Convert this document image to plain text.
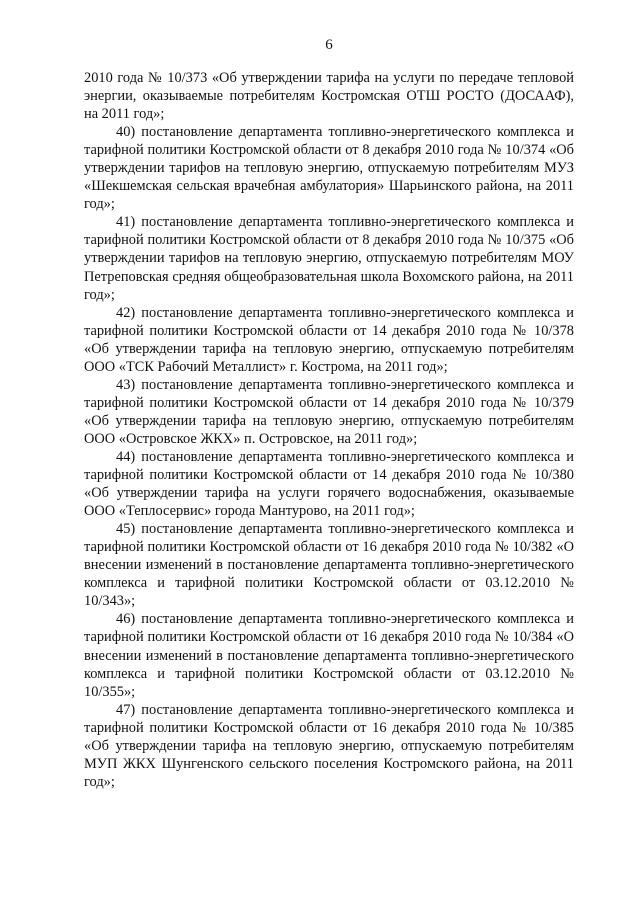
6

2010 года № 10/373 «Об утверждении тарифа на услуги по передаче тепловой энергии, оказываемые потребителям Костромская ОТШ РОСТО (ДОСААФ), на 2011 год»;

40) постановление департамента топливно-энергетического комплекса и тарифной политики Костромской области от 8 декабря 2010 года № 10/374 «Об утверждении тарифов на тепловую энергию, отпускаемую потребителям МУЗ «Шекшемская сельская врачебная амбулатория» Шарьинского района, на 2011 год»;

41) постановление департамента топливно-энергетического комплекса и тарифной политики Костромской области от 8 декабря 2010 года № 10/375 «Об утверждении тарифов на тепловую энергию, отпускаемую потребителям МОУ Петреповская средняя общеобразовательная школа Вохомского района, на 2011 год»;

42) постановление департамента топливно-энергетического комплекса и тарифной политики Костромской области от 14 декабря 2010 года № 10/378 «Об утверждении тарифа на тепловую энергию, отпускаемую потребителям ООО «ТСК Рабочий Металлист» г. Кострома, на 2011 год»;

43) постановление департамента топливно-энергетического комплекса и тарифной политики Костромской области от 14 декабря 2010 года № 10/379 «Об утверждении тарифа на тепловую энергию, отпускаемую потребителям ООО «Островское ЖКХ» п. Островское, на 2011 год»;

44) постановление департамента топливно-энергетического комплекса и тарифной политики Костромской области от 14 декабря 2010 года № 10/380 «Об утверждении тарифа на услуги горячего водоснабжения, оказываемые ООО «Теплосервис» города Мантурово, на 2011 год»;

45) постановление департамента топливно-энергетического комплекса и тарифной политики Костромской области от 16 декабря 2010 года № 10/382 «О внесении изменений в постановление департамента топливно-энергетического комплекса и тарифной политики Костромской области от 03.12.2010 № 10/343»;

46) постановление департамента топливно-энергетического комплекса и тарифной политики Костромской области от 16 декабря 2010 года № 10/384 «О внесении изменений в постановление департамента топливно-энергетического комплекса и тарифной политики Костромской области от 03.12.2010 № 10/355»;

47) постановление департамента топливно-энергетического комплекса и тарифной политики Костромской области от 16 декабря 2010 года № 10/385 «Об утверждении тарифа на тепловую энергию, отпускаемую потребителям МУП ЖКХ Шунгенского сельского поселения Костромского района, на 2011 год»;
